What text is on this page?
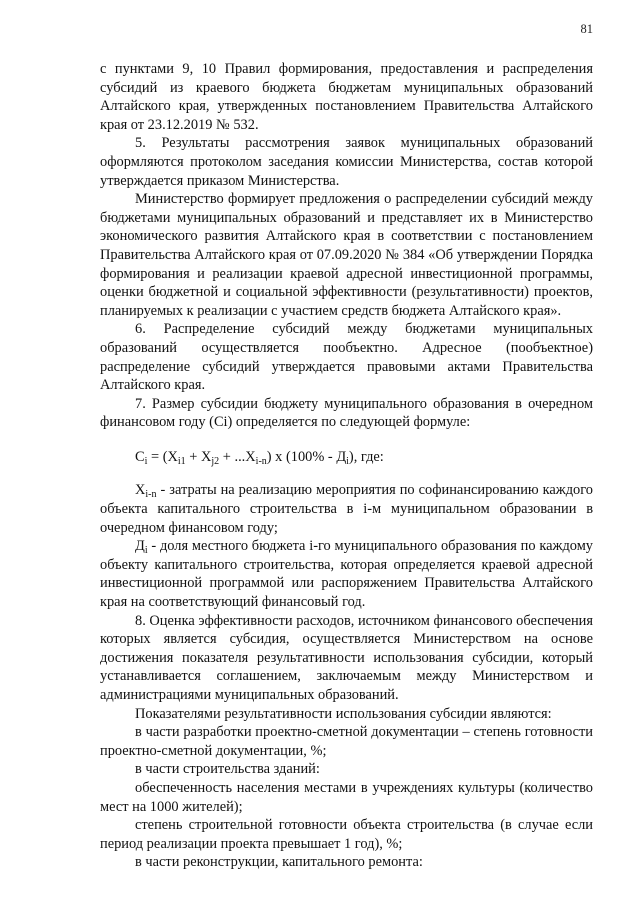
81

с пунктами 9, 10 Правил формирования, предоставления и распределения субсидий из краевого бюджета бюджетам муниципальных образований Алтайского края, утвержденных постановлением Правительства Алтайского края от 23.12.2019 № 532.

5. Результаты рассмотрения заявок муниципальных образований оформляются протоколом заседания комиссии Министерства, состав которой утверждается приказом Министерства.

Министерство формирует предложения о распределении субсидий между бюджетами муниципальных образований и представляет их в Министерство экономического развития Алтайского края в соответствии с постановлением Правительства Алтайского края от 07.09.2020 № 384 «Об утверждении Порядка формирования и реализации краевой адресной инвестиционной программы, оценки бюджетной и социальной эффективности (результативности) проектов, планируемых к реализации с участием средств бюджета Алтайского края».

6. Распределение субсидий между бюджетами муниципальных образований осуществляется пообъектно. Адресное (пообъектное) распределение субсидий утверждается правовыми актами Правительства Алтайского края.

7. Размер субсидии бюджету муниципального образования в очередном финансовом году (Ci) определяется по следующей формуле:

$C_i = (X_{i1} + X_{j2} + ...X_{i-n})$ x $(100\% - Д_i)$, где:

$X_{i-n}$ - затраты на реализацию мероприятия по софинансированию каждого объекта капитального строительства в i-м муниципальном образовании в очередном финансовом году;

$Д_i$ - доля местного бюджета i-го муниципального образования по каждому объекту капитального строительства, которая определяется краевой адресной инвестиционной программой или распоряжением Правительства Алтайского края на соответствующий финансовый год.

8. Оценка эффективности расходов, источником финансового обеспечения которых является субсидия, осуществляется Министерством на основе достижения показателя результативности использования субсидии, который устанавливается соглашением, заключаемым между Министерством и администрациями муниципальных образований.

Показателями результативности использования субсидии являются:

в части разработки проектно-сметной документации – степень готовности проектно-сметной документации, %;

в части строительства зданий:

обеспеченность населения местами в учреждениях культуры (количество мест на 1000 жителей);

степень строительной готовности объекта строительства (в случае если период реализации проекта превышает 1 год), %;

в части реконструкции, капитального ремонта:
